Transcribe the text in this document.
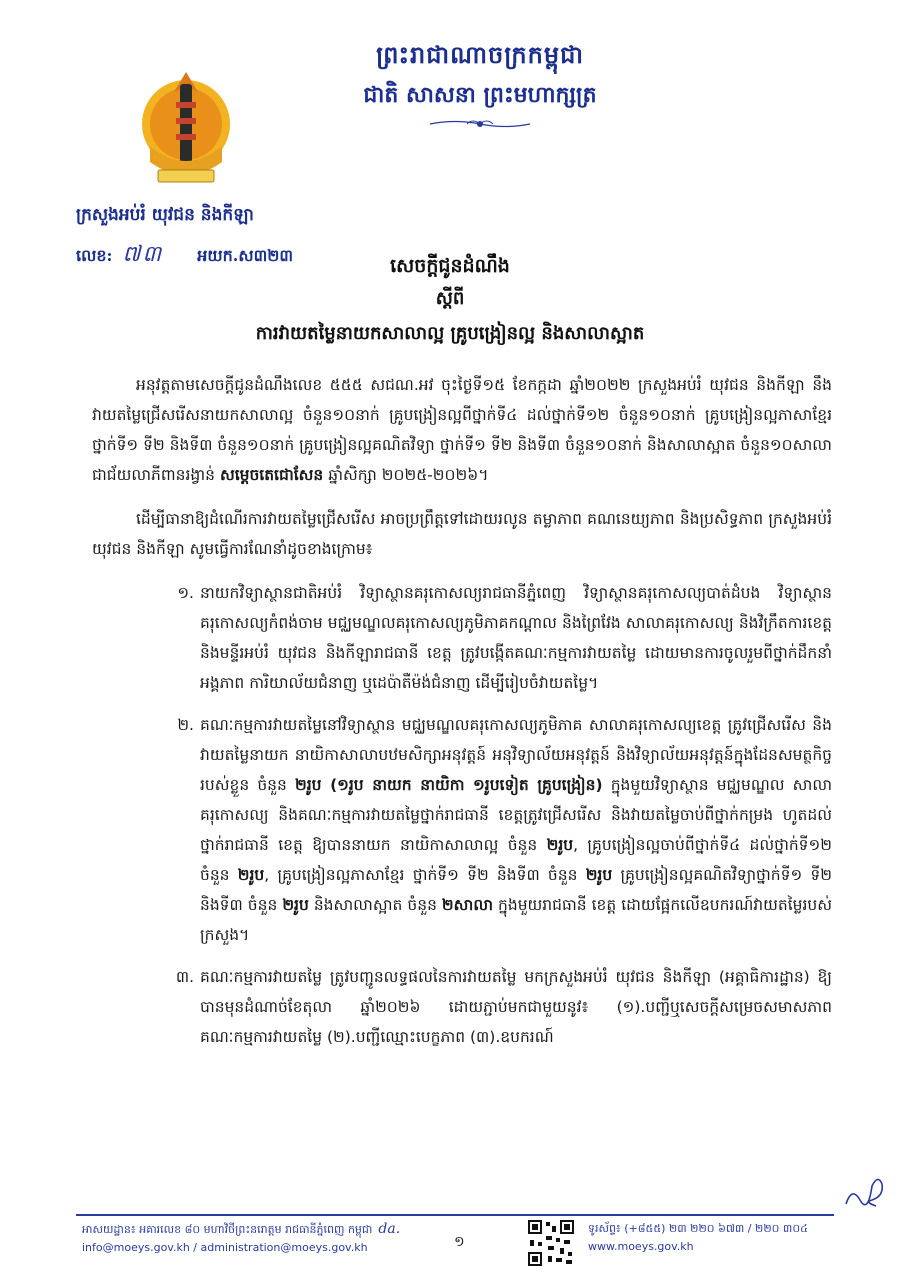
ព្រះរាជាណាចក្រកម្ពុជា
ជាតិ សាសនា ព្រះមហាក្សត្រ
ក្រសួងអប់រំ យុវជន និងកីឡា
លេខ: ៧៣ អយក.ស៣២៣	សេចក្តីជូនដំណឹង
ស្តីពី
ការវាយតម្លៃនាយកសាលាល្អ គ្រូបង្រៀនល្អ និងសាលាស្អាត

អនុវត្តតាមសេចក្តីជូនដំណឹងលេខ ៥៥៥ សជណ.អវ ចុះថ្ងៃទី១៥ ខែកក្កដា ឆ្នាំ២០២២ ក្រសួងអប់រំ យុវជន និងកីឡា នឹងវាយតម្លៃជ្រើសរើសនាយកសាលាល្អ ចំនួន១០នាក់ គ្រូបង្រៀនល្អពីថ្នាក់ទី៤ ដល់ថ្នាក់ទី១២ ចំនួន១០នាក់ គ្រូបង្រៀនល្អភាសាខ្មែរ ថ្នាក់ទី១ ទី២ និងទី៣ ចំនួន១០នាក់ គ្រូបង្រៀនល្អគណិតវិទ្យា ថ្នាក់ទី១ ទី២ និងទី៣ ចំនួន១០នាក់ និងសាលាស្អាត ចំនួន១០សាលា ជាជ័យលាភីពានរង្វាន់ សម្តេចតេជោសែន ឆ្នាំសិក្សា ២០២៥-២០២៦។

ដើម្បីធានាឱ្យដំណើរការវាយតម្លៃជ្រើសរើស អាចប្រព្រឹត្តទៅដោយរលូន តម្លាភាព គណនេយ្យភាព និងប្រសិទ្ធភាព ក្រសួងអប់រំ យុវជន និងកីឡា សូមធ្វើការណែនាំដូចខាងក្រោម៖

១. នាយកវិទ្យាស្ថានជាតិអប់រំ វិទ្យាស្ថានគរុកោសល្យរាជធានីភ្នំពេញ វិទ្យាស្ថានគរុកោសល្យបាត់ដំបង វិទ្យាស្ថានគរុកោសល្យកំពង់ចាម មជ្ឈមណ្ឌលគរុកោសល្យភូមិភាគកណ្តាល និងព្រៃវែង សាលាគរុកោសល្យ និងវិក្រឹតការខេត្ត និងមន្ទីរអប់រំ យុវជន និងកីឡារាជធានី ខេត្ត ត្រូវបង្កើតគណៈកម្មការវាយតម្លៃ ដោយមានការចូលរួមពីថ្នាក់ដឹកនាំអង្គភាព ការិយាល័យជំនាញ ឬដេប៉ាតឺម៉ង់ជំនាញ ដើម្បីរៀបចំវាយតម្លៃ។
២. គណៈកម្មការវាយតម្លៃនៅវិទ្យាស្ថាន មជ្ឈមណ្ឌលគរុកោសល្យភូមិភាគ សាលាគរុកោសល្យខេត្ត ត្រូវជ្រើសរើស និងវាយតម្លៃនាយក នាយិកាសាលាបឋមសិក្សាអនុវត្តន៍ អនុវិទ្យាល័យអនុវត្តន៍ និងវិទ្យាល័យអនុវត្តន៍ក្នុងដែនសមត្ថកិច្ចរបស់ខ្លួន ចំនួន ២រូប (១រូប នាយក នាយិកា ១រូបទៀត គ្រូបង្រៀន) ក្នុងមួយវិទ្យាស្ថាន មជ្ឈមណ្ឌល សាលាគរុកោសល្យ និងគណៈកម្មការវាយតម្លៃថ្នាក់រាជធានី ខេត្តត្រូវជ្រើសរើស និងវាយតម្លៃចាប់ពីថ្នាក់កម្រង ហូតដល់ថ្នាក់រាជធានី ខេត្ត ឱ្យបាននាយក នាយិកាសាលាល្អ ចំនួន ២រូប, គ្រូបង្រៀនល្អចាប់ពីថ្នាក់ទី៤ ដល់ថ្នាក់ទី១២ ចំនួន ២រូប, គ្រូបង្រៀនល្អភាសាខ្មែរ ថ្នាក់ទី១ ទី២ និងទី៣ ចំនួន ២រូប គ្រូបង្រៀនល្អគណិតវិទ្យាថ្នាក់ទី១ ទី២ និងទី៣ ចំនួន ២រូប និងសាលាស្អាត ចំនួន ២សាលា ក្នុងមួយរាជធានី ខេត្ត ដោយផ្អែកលើឧបករណ៍វាយតម្លៃរបស់ក្រសួង។
៣. គណៈកម្មការវាយតម្លៃ ត្រូវបញ្ជូនលទ្ធផលនៃការវាយតម្លៃ មកក្រសួងអប់រំ យុវជន និងកីឡា (អគ្គាធិការដ្ឋាន) ឱ្យបានមុនដំណាច់ខែតុលា ឆ្នាំ២០២៦ ដោយភ្ជាប់មកជាមួយនូវ៖ (១).បញ្ជីឬសេចក្តីសម្រេចសមាសភាពគណៈកម្មការវាយតម្លៃ (២).បញ្ជីឈ្មោះបេក្ខភាព (៣).ឧបករណ៍
អាសយដ្ឋាន៖ អគារលេខ ៨០ មហាវិថីព្រះនរោត្តម រាជធានីភ្នំពេញ កម្ពុជា da.
info@moeys.gov.kh / administration@moeys.gov.kh	១
ទូរស័ព្ទ៖ (+៨៥៥) ២៣ ២២០ ៦៧៣ / ២២០ ៣០៤
www.moeys.gov.kh
